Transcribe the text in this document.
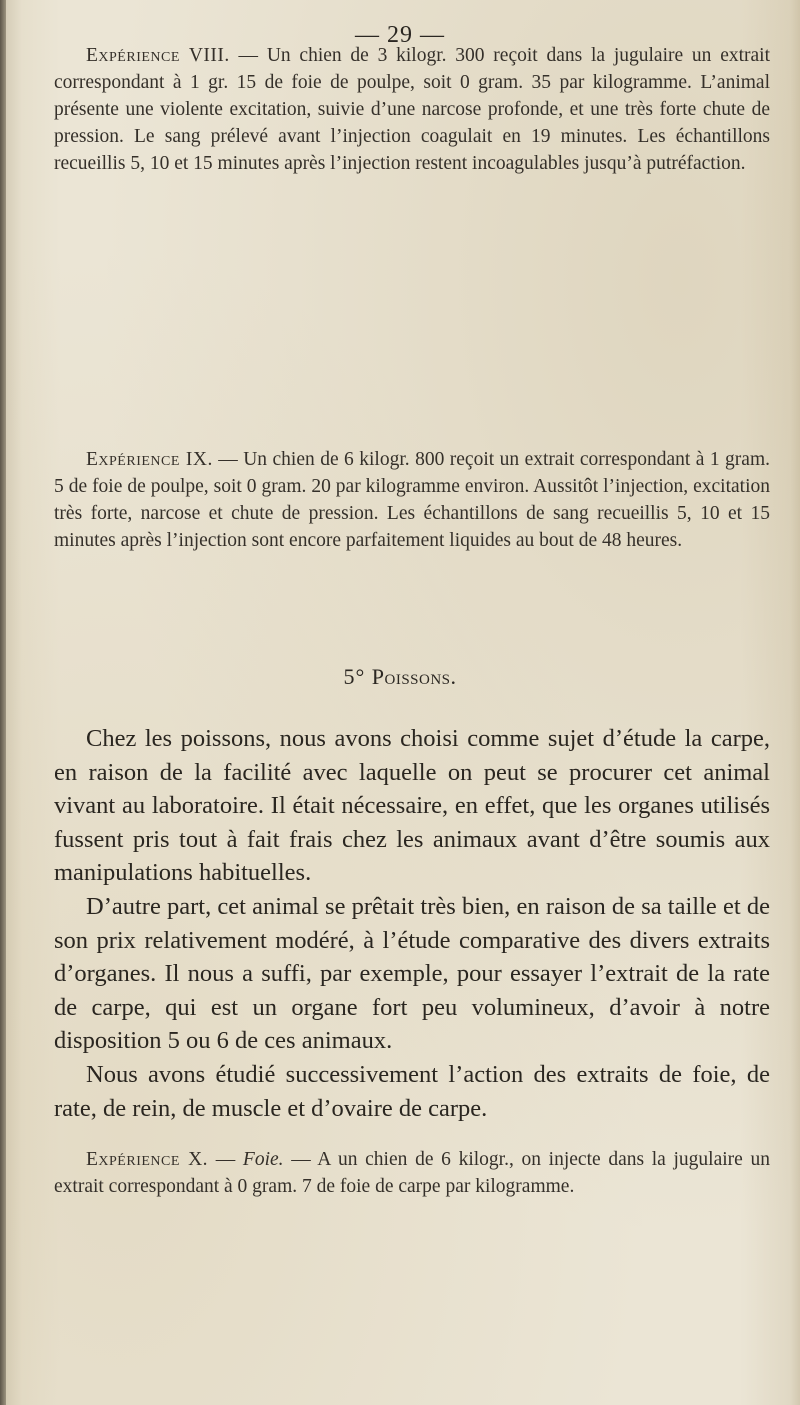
— 29 —

Expérience VIII. — Un chien de 3 kilogr. 300 reçoit dans la jugulaire un extrait correspondant à 1 gr. 15 de foie de poulpe, soit 0 gram. 35 par kilogramme. L’animal présente une violente excitation, suivie d’une narcose profonde, et une très forte chute de pression. Le sang prélevé avant l’injection coagulait en 19 minutes. Les échantillons recueillis 5, 10 et 15 minutes après l’injection restent incoagulables jusqu’à putréfaction.

Expérience IX. — Un chien de 6 kilogr. 800 reçoit un extrait correspondant à 1 gram. 5 de foie de poulpe, soit 0 gram. 20 par kilogramme environ. Aussitôt l’injection, excitation très forte, narcose et chute de pression. Les échantillons de sang recueillis 5, 10 et 15 minutes après l’injection sont encore parfaitement liquides au bout de 48 heures.

5° Poissons.

Chez les poissons, nous avons choisi comme sujet d’étude la carpe, en raison de la facilité avec laquelle on peut se procurer cet animal vivant au laboratoire. Il était nécessaire, en effet, que les organes utilisés fussent pris tout à fait frais chez les animaux avant d’être soumis aux manipulations habituelles.

D’autre part, cet animal se prêtait très bien, en raison de sa taille et de son prix relativement modéré, à l’étude comparative des divers extraits d’organes. Il nous a suffi, par exemple, pour essayer l’extrait de la rate de carpe, qui est un organe fort peu volumineux, d’avoir à notre disposition 5 ou 6 de ces animaux.

Nous avons étudié successivement l’action des extraits de foie, de rate, de rein, de muscle et d’ovaire de carpe.

Expérience X. — Foie. — A un chien de 6 kilogr., on injecte dans la jugulaire un extrait correspondant à 0 gram. 7 de foie de carpe par kilogramme.
